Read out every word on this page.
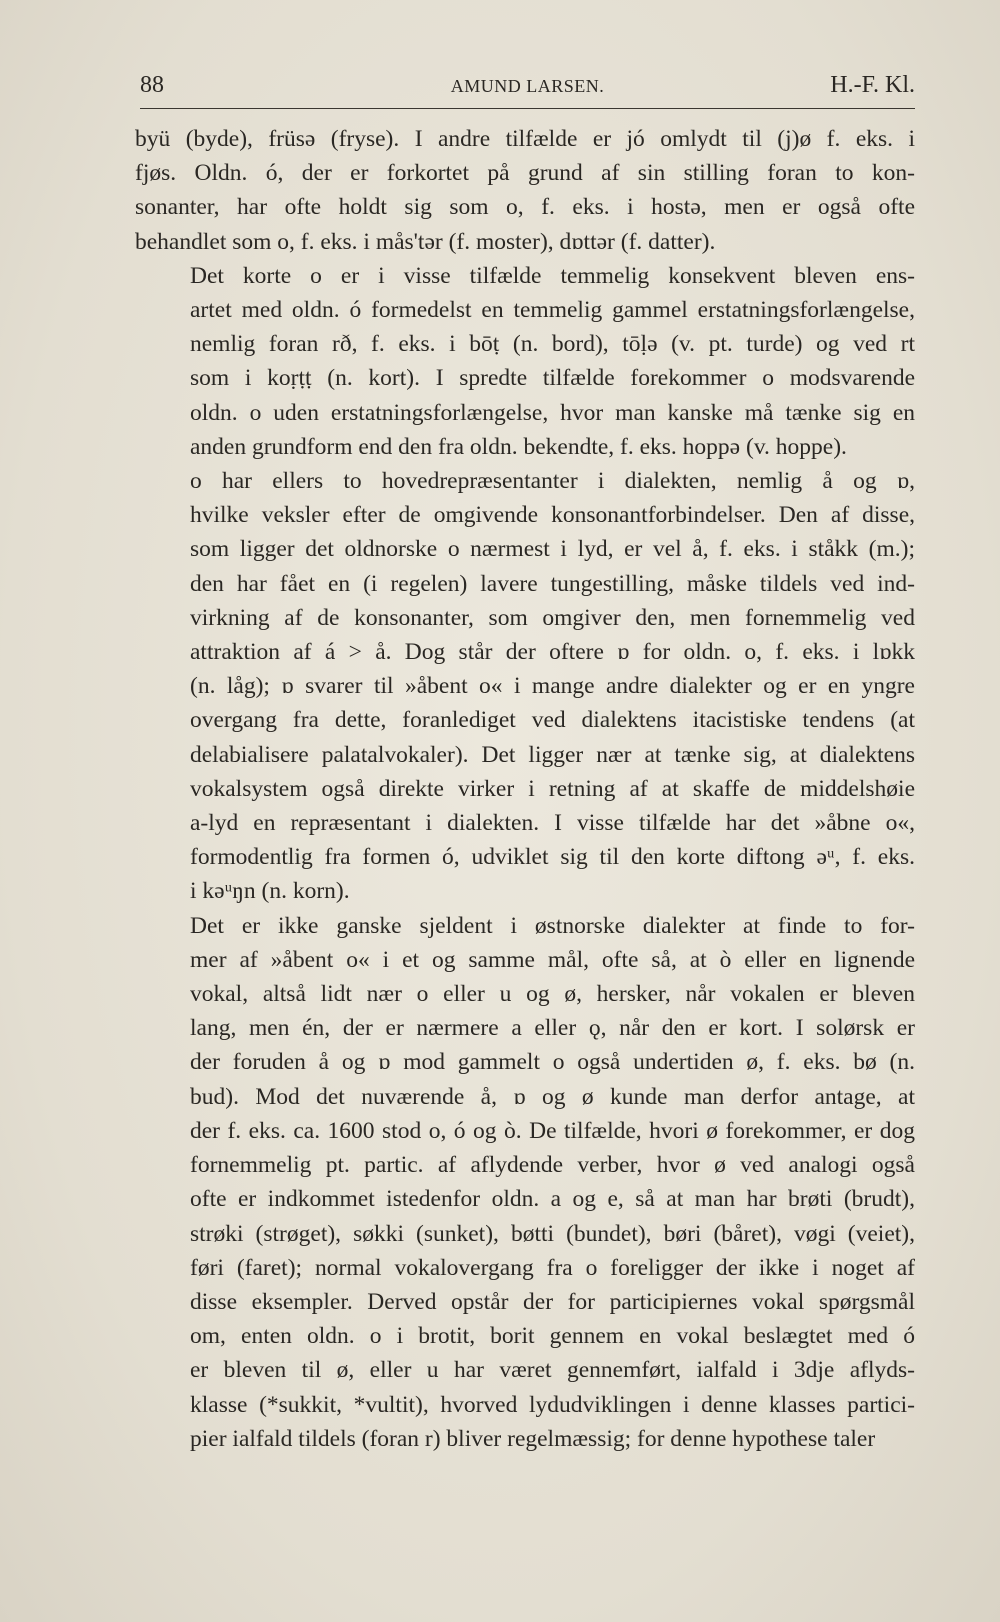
88	AMUND LARSEN.	H.-F. Kl.

byü (byde), früsə (fryse). I andre tilfælde er jó omlydt til (j)ø f. eks. i
fjøs. Oldn. ó, der er forkortet på grund af sin stilling foran to kon-
sonanter, har ofte holdt sig som o, f. eks. i hostə, men er også ofte
behandlet som o, f. eks. i mås'tər (f. moster), dɒttər (f. datter).

Det korte o er i visse tilfælde temmelig konsekvent bleven ens-
artet med oldn. ó formedelst en temmelig gammel erstatningsforlængelse,
nemlig foran rð, f. eks. i bōṭ (n. bord), tōḷə (v. pt. turde) og ved rt
som i koṛṭṭ (n. kort). I spredte tilfælde forekommer o modsvarende
oldn. o uden erstatningsforlængelse, hvor man kanske må tænke sig en
anden grundform end den fra oldn. bekendte, f. eks. hoppə (v. hoppe).

o har ellers to hovedrepræsentanter i dialekten, nemlig å og ɒ,
hvilke veksler efter de omgivende konsonantforbindelser. Den af disse,
som ligger det oldnorske o nærmest i lyd, er vel å, f. eks. i ståkk (m.);
den har fået en (i regelen) lavere tungestilling, måske tildels ved ind-
virkning af de konsonanter, som omgiver den, men fornemmelig ved
attraktion af á > å. Dog står der oftere ɒ for oldn. o, f. eks. i lɒkk
(n. låg); ɒ svarer til »åbent o« i mange andre dialekter og er en yngre
overgang fra dette, foranlediget ved dialektens itacistiske tendens (at
delabialisere palatalvokaler). Det ligger nær at tænke sig, at dialektens
vokalsystem også direkte virker i retning af at skaffe de middelshøie
a-lyd en repræsentant i dialekten. I visse tilfælde har det »åbne o«,
formodentlig fra formen ó, udviklet sig til den korte diftong əᵘ, f. eks.
i kəᵘŋn (n. korn).

Det er ikke ganske sjeldent i østnorske dialekter at finde to for-
mer af »åbent o« i et og samme mål, ofte så, at ò eller en lignende
vokal, altså lidt nær o eller u og ø, hersker, når vokalen er bleven
lang, men én, der er nærmere a eller ǫ, når den er kort. I solørsk er
der foruden å og ɒ mod gammelt o også undertiden ø, f. eks. bø (n.
bud). Mod det nuværende å, ɒ og ø kunde man derfor antage, at
der f. eks. ca. 1600 stod o, ó og ò. De tilfælde, hvori ø forekommer, er dog
fornemmelig pt. partic. af aflydende verber, hvor ø ved analogi også
ofte er indkommet istedenfor oldn. a og e, så at man har brøti (brudt),
strøki (strøget), søkki (sunket), bøtti (bundet), børi (båret), vøgi (veiet),
føri (faret); normal vokalovergang fra o foreligger der ikke i noget af
disse eksempler. Derved opstår der for participiernes vokal spørgsmål
om, enten oldn. o i brotit, borit gennem en vokal beslægtet med ó
er bleven til ø, eller u har været gennemført, ialfald i 3dje aflyds-
klasse (*sukkit, *vultit), hvorved lydudviklingen i denne klasses partici-
pier ialfald tildels (foran r) bliver regelmæssig; for denne hypothese taler
